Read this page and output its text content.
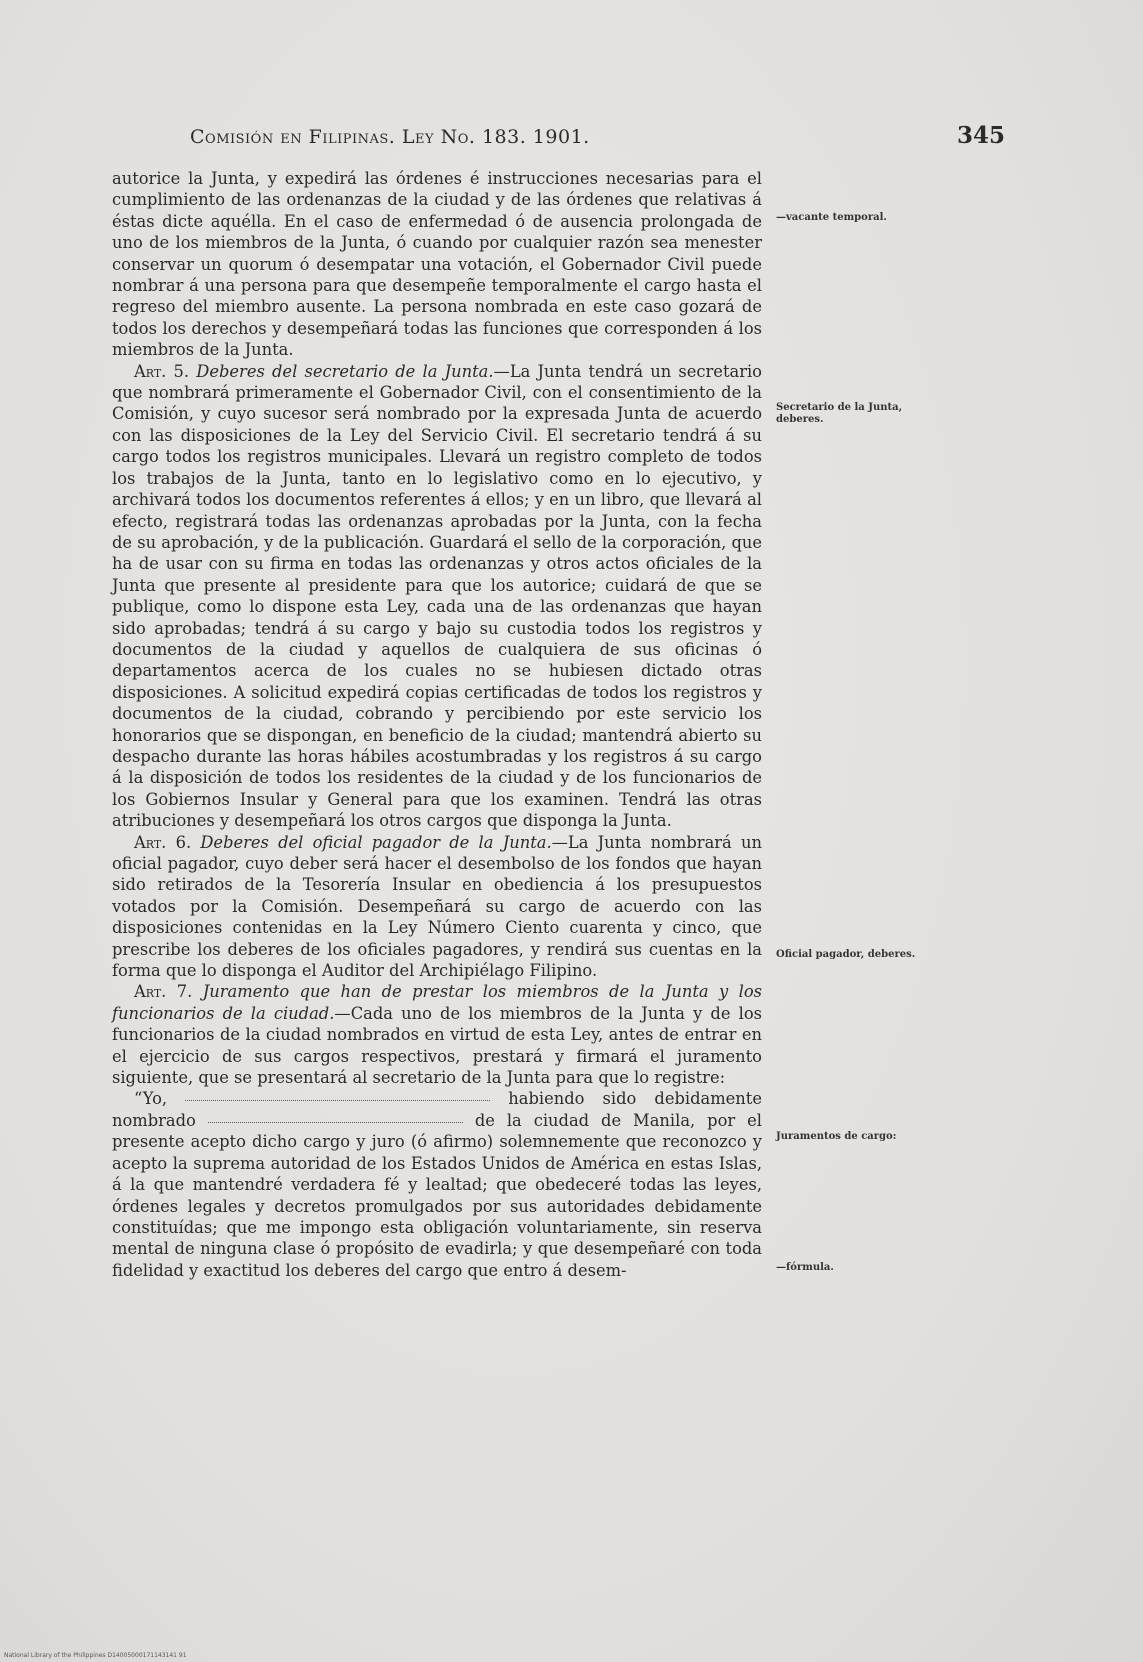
Comisión en Filipinas. Ley No. 183. 1901.	345

autorice la Junta, y expedirá las órdenes é instrucciones necesarias para el cumplimiento de las ordenanzas de la ciudad y de las órdenes que relativas á éstas dicte aquélla. En el caso de enfermedad ó de ausencia prolongada de uno de los miembros de la Junta, ó cuando por cualquier razón sea menester conservar un quorum ó desempatar una votación, el Gobernador Civil puede nombrar á una persona para que desempeñe temporalmente el cargo hasta el regreso del miembro ausente. La persona nombrada en este caso gozará de todos los derechos y desempeñará todas las funciones que corresponden á los miembros de la Junta.

Art. 5. Deberes del secretario de la Junta.—La Junta tendrá un secretario que nombrará primeramente el Gobernador Civil, con el consentimiento de la Comisión, y cuyo sucesor será nombrado por la expresada Junta de acuerdo con las disposiciones de la Ley del Servicio Civil. El secretario tendrá á su cargo todos los registros municipales. Llevará un registro completo de todos los trabajos de la Junta, tanto en lo legislativo como en lo ejecutivo, y archivará todos los documentos referentes á ellos; y en un libro, que llevará al efecto, registrará todas las ordenanzas aprobadas por la Junta, con la fecha de su aprobación, y de la publicación. Guardará el sello de la corporación, que ha de usar con su firma en todas las ordenanzas y otros actos oficiales de la Junta que presente al presidente para que los autorice; cuidará de que se publique, como lo dispone esta Ley, cada una de las ordenanzas que hayan sido aprobadas; tendrá á su cargo y bajo su custodia todos los registros y documentos de la ciudad y aquellos de cualquiera de sus oficinas ó departamentos acerca de los cuales no se hubiesen dictado otras disposiciones. A solicitud expedirá copias certificadas de todos los registros y documentos de la ciudad, cobrando y percibiendo por este servicio los honorarios que se dispongan, en beneficio de la ciudad; mantendrá abierto su despacho durante las horas hábiles acostumbradas y los registros á su cargo á la disposición de todos los residentes de la ciudad y de los funcionarios de los Gobiernos Insular y General para que los examinen. Tendrá las otras atribuciones y desempeñará los otros cargos que disponga la Junta.

Art. 6. Deberes del oficial pagador de la Junta.—La Junta nombrará un oficial pagador, cuyo deber será hacer el desembolso de los fondos que hayan sido retirados de la Tesorería Insular en obediencia á los presupuestos votados por la Comisión. Desempeñará su cargo de acuerdo con las disposiciones contenidas en la Ley Número Ciento cuarenta y cinco, que prescribe los deberes de los oficiales pagadores, y rendirá sus cuentas en la forma que lo disponga el Auditor del Archipiélago Filipino.

Art. 7. Juramento que han de prestar los miembros de la Junta y los funcionarios de la ciudad.—Cada uno de los miembros de la Junta y de los funcionarios de la ciudad nombrados en virtud de esta Ley, antes de entrar en el ejercicio de sus cargos respectivos, prestará y firmará el juramento siguiente, que se presentará al secretario de la Junta para que lo registre:

“Yo,	habiendo sido debidamente nombrado	de la ciudad de Manila, por el presente acepto dicho cargo y juro (ó afirmo) solemnemente que reconozco y acepto la suprema autoridad de los Estados Unidos de América en estas Islas, á la que mantendré verdadera fé y lealtad; que obedeceré todas las leyes, órdenes legales y decretos promulgados por sus autoridades debidamente constituídas; que me impongo esta obligación voluntariamente, sin reserva mental de ninguna clase ó propósito de evadirla; y que desempeñaré con toda fidelidad y exactitud los deberes del cargo que entro á desem-

—vacante temporal.
Secretario de la Junta, deberes.
Oficial pagador, deberes.
Juramentos de cargo:
—fórmula.
National Library of the Philippines D14005000171143141 91
